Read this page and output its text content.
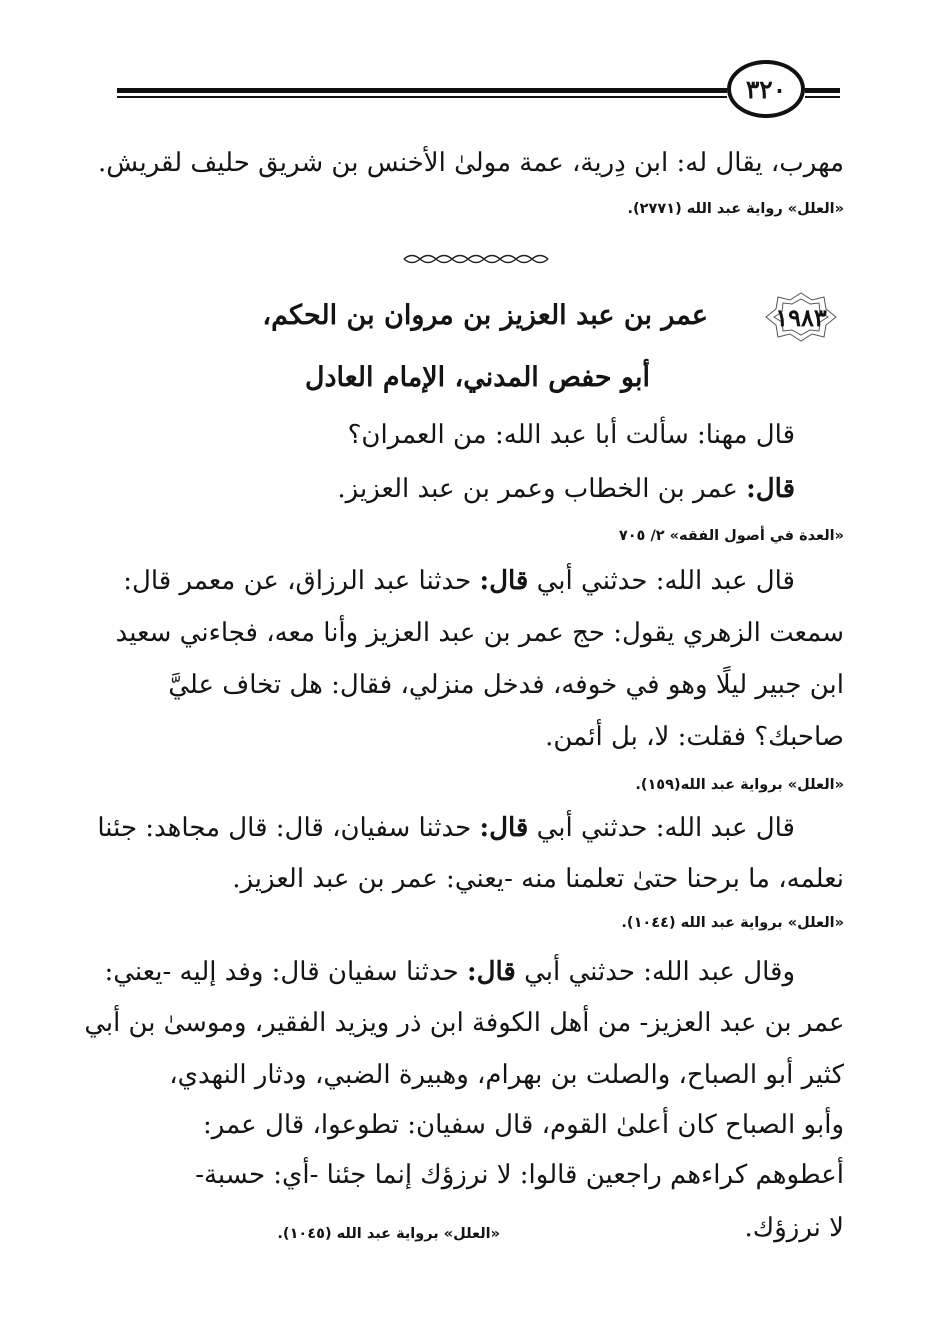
٣٢٠
مهرب، يقال له: ابن دِرية، عمة مولىٰ الأخنس بن شريق حليف لقريش.
«العلل» رواية عبد الله (٢٧٧١).
١٩٨٣
عمر بن عبد العزيز بن مروان بن الحكم،
أبو حفص المدني، الإمام العادل
قال مهنا: سألت أبا عبد الله: من العمران؟
قال: عمر بن الخطاب وعمر بن عبد العزيز.
«العدة في أصول الفقه» ٢/ ٧٠٥
قال عبد الله: حدثني أبي قال: حدثنا عبد الرزاق، عن معمر قال:
سمعت الزهري يقول: حج عمر بن عبد العزيز وأنا معه، فجاءني سعيد
ابن جبير ليلًا وهو في خوفه، فدخل منزلي، فقال: هل تخاف عليَّ
صاحبك؟ فقلت: لا، بل أئمن.
«العلل» برواية عبد الله(١٥٩).
قال عبد الله: حدثني أبي قال: حدثنا سفيان، قال: قال مجاهد: جئنا
نعلمه، ما برحنا حتىٰ تعلمنا منه -يعني: عمر بن عبد العزيز.
«العلل» برواية عبد الله (١٠٤٤).
وقال عبد الله: حدثني أبي قال: حدثنا سفيان قال: وفد إليه -يعني:
عمر بن عبد العزيز- من أهل الكوفة ابن ذر ويزيد الفقير، وموسىٰ بن أبي
كثير أبو الصباح، والصلت بن بهرام، وهبيرة الضبي، ودثار النهدي،
وأبو الصباح كان أعلىٰ القوم، قال سفيان: تطوعوا، قال عمر:
أعطوهم كراءهم راجعين قالوا: لا نرزؤك إنما جئنا -أي: حسبة-
لا نرزؤك.
«العلل» برواية عبد الله (١٠٤٥).
